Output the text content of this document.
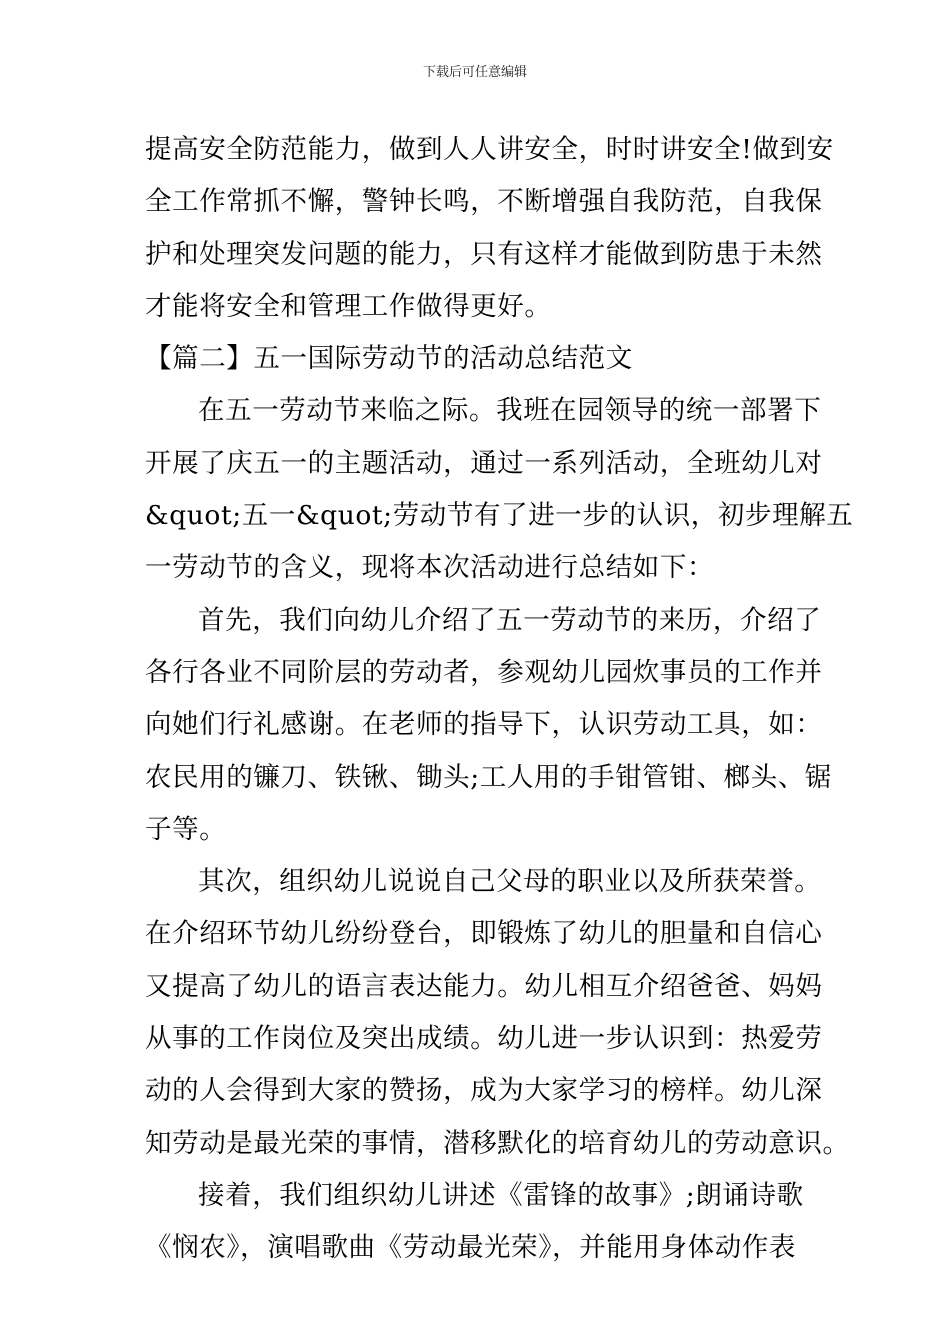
下载后可任意编辑
提高安全防范能力，做到人人讲安全，时时讲安全!做到安
全工作常抓不懈，警钟长鸣，不断增强自我防范，自我保
护和处理突发问题的能力，只有这样才能做到防患于未然
才能将安全和管理工作做得更好。
【篇二】五一国际劳动节的活动总结范文
在五一劳动节来临之际。我班在园领导的统一部署下
开展了庆五一的主题活动，通过一系列活动，全班幼儿对
&quot;五一&quot;劳动节有了进一步的认识，初步理解五
一劳动节的含义，现将本次活动进行总结如下：
首先，我们向幼儿介绍了五一劳动节的来历，介绍了
各行各业不同阶层的劳动者，参观幼儿园炊事员的工作并
向她们行礼感谢。在老师的指导下，认识劳动工具，如：
农民用的镰刀、铁锹、锄头;工人用的手钳管钳、榔头、锯
子等。
其次，组织幼儿说说自己父母的职业以及所获荣誉。
在介绍环节幼儿纷纷登台，即锻炼了幼儿的胆量和自信心
又提高了幼儿的语言表达能力。幼儿相互介绍爸爸、妈妈
从事的工作岗位及突出成绩。幼儿进一步认识到：热爱劳
动的人会得到大家的赞扬，成为大家学习的榜样。幼儿深
知劳动是最光荣的事情，潜移默化的培育幼儿的劳动意识。
接着，我们组织幼儿讲述《雷锋的故事》;朗诵诗歌
《悯农》，演唱歌曲《劳动最光荣》，并能用身体动作表
